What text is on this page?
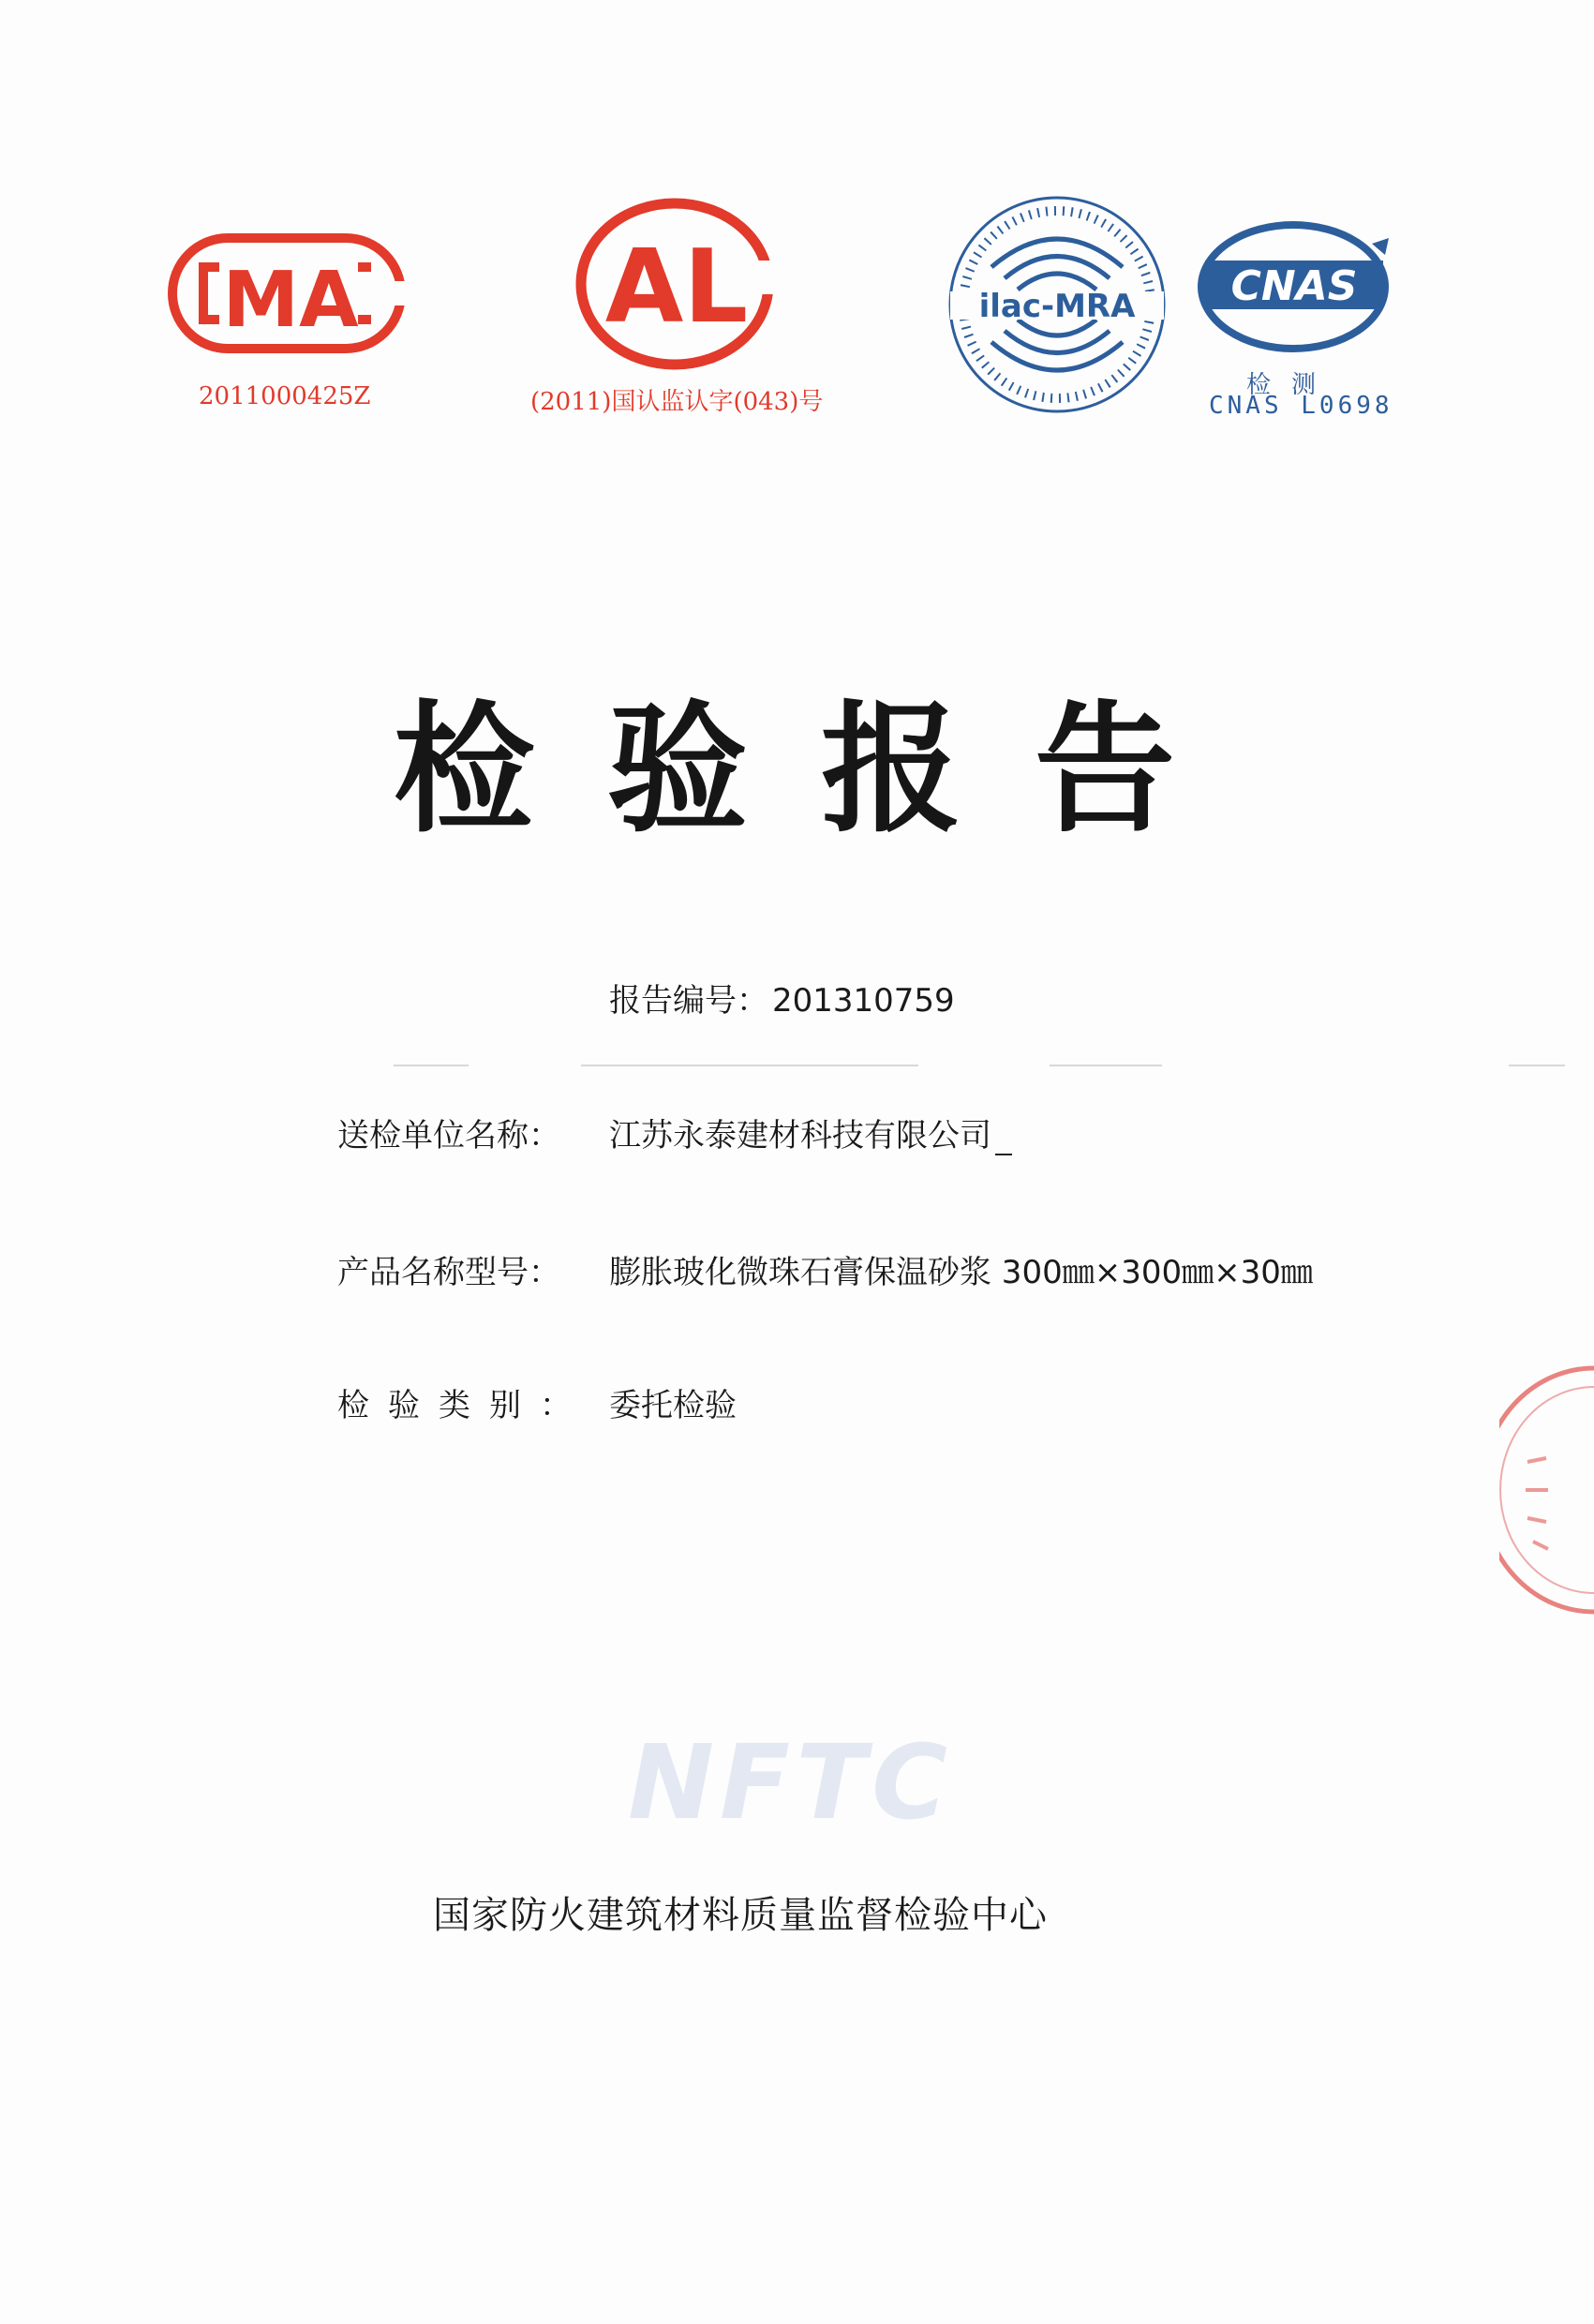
MA
2011000425Z
AL
(2011)国认监认字(043)号
ilac-MRA CNAS
检测
CNAS L0698
检验报告
报告编号： 201310759
送检单位名称： 江苏永泰建材科技有限公司
产品名称型号： 膨胀玻化微珠石膏保温砂浆 300㎜×300㎜×30㎜
检验类别： 委托检验
NFTC
国家防火建筑材料质量监督检验中心
